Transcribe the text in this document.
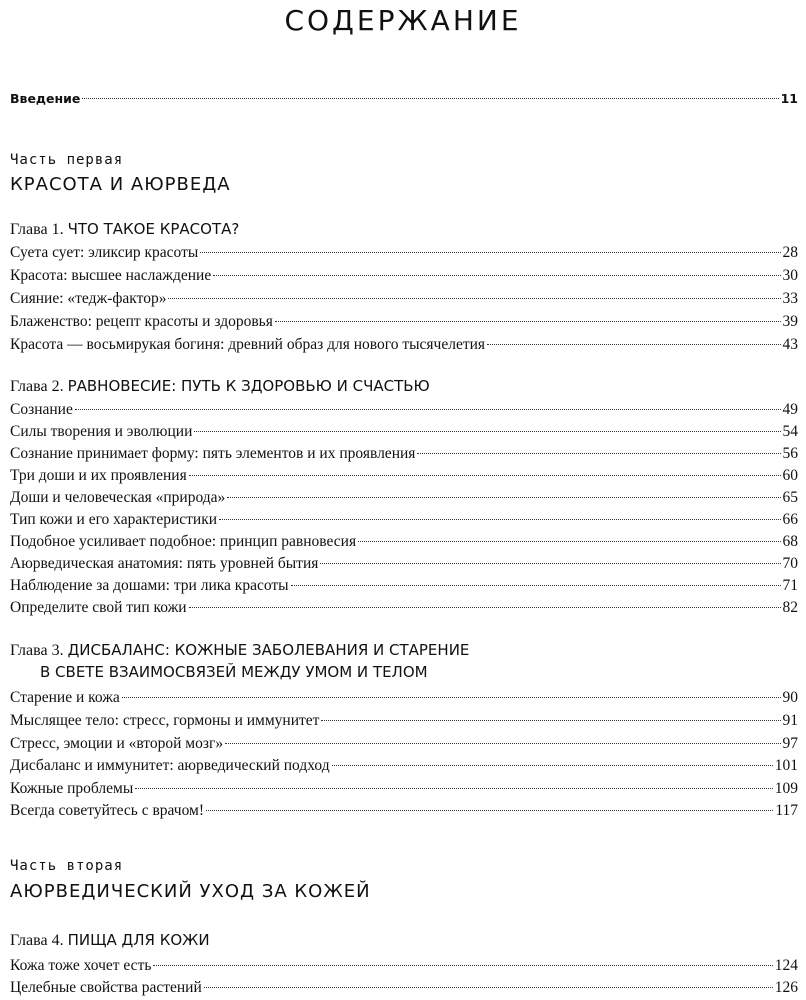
СОДЕРЖАНИЕ
Введение	11
Часть первая
КРАСОТА И АЮРВЕДА
Глава 1. ЧТО ТАКОЕ КРАСОТА?
Суета сует: эликсир красоты	28
Красота: высшее наслаждение	30
Сияние: «тедж-фактор»	33
Блаженство: рецепт красоты и здоровья	39
Красота — восьмирукая богиня: древний образ для нового тысячелетия	43
Глава 2. РАВНОВЕСИЕ: ПУТЬ К ЗДОРОВЬЮ И СЧАСТЬЮ
Сознание	49
Силы творения и эволюции	54
Сознание принимает форму: пять элементов и их проявления	56
Три доши и их проявления	60
Доши и человеческая «природа»	65
Тип кожи и его характеристики	66
Подобное усиливает подобное: принцип равновесия	68
Аюрведическая анатомия: пять уровней бытия	70
Наблюдение за дошами: три лика красоты	71
Определите свой тип кожи	82
Глава 3. ДИСБАЛАНС: КОЖНЫЕ ЗАБОЛЕВАНИЯ И СТАРЕНИЕ
В СВЕТЕ ВЗАИМОСВЯЗЕЙ МЕЖДУ УМОМ И ТЕЛОМ
Старение и кожа	90
Мыслящее тело: стресс, гормоны и иммунитет	91
Стресс, эмоции и «второй мозг»	97
Дисбаланс и иммунитет: аюрведический подход	101
Кожные проблемы	109
Всегда советуйтесь с врачом!	117
Часть вторая
АЮРВЕДИЧЕСКИЙ УХОД ЗА КОЖЕЙ
Глава 4. ПИЩА ДЛЯ КОЖИ
Кожа тоже хочет есть	124
Целебные свойства растений	126
